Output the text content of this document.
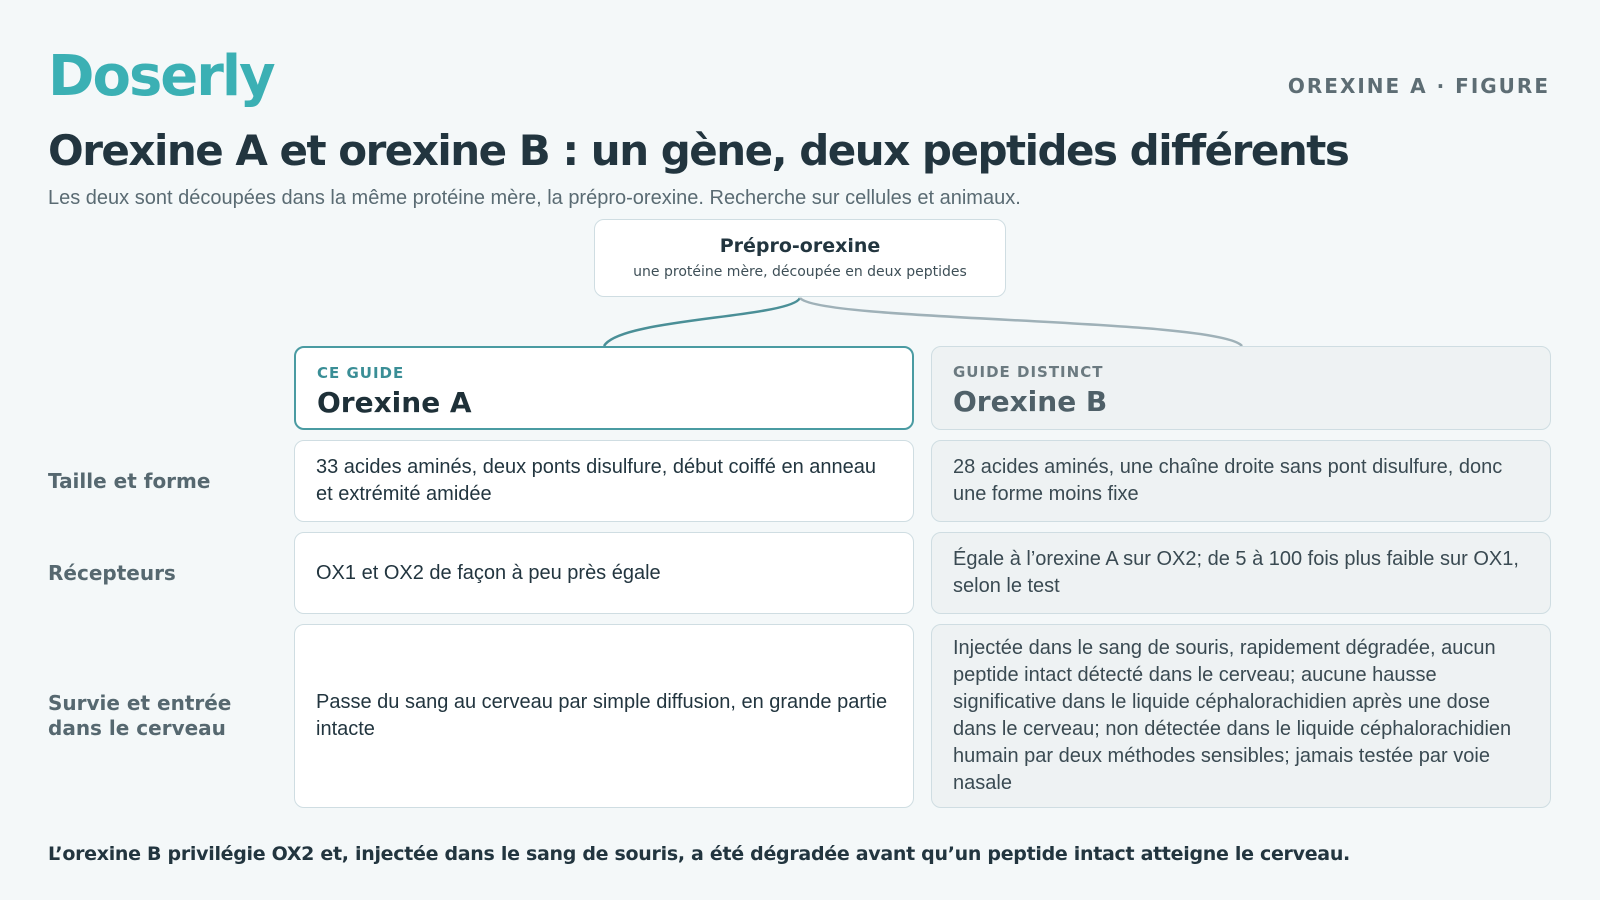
Doserly	OREXINE A · FIGURE
Orexine A et orexine B : un gène, deux peptides différents

Les deux sont découpées dans la même protéine mère, la prépro-orexine. Recherche sur cellules et animaux.

Prépro-orexine
une protéine mère, découpée en deux peptides
CE GUIDE
Orexine A
GUIDE DISTINCT
Orexine B
Taille et forme
33 acides aminés, deux ponts disulfure, début coiffé en anneau et extrémité amidée
28 acides aminés, une chaîne droite sans pont disulfure, donc une forme moins fixe
Récepteurs	OX1 et OX2 de façon à peu près égale
Égale à l’orexine A sur OX2; de 5 à 100 fois plus faible sur OX1, selon le test
Survie et entrée dans le cerveau
Passe du sang au cerveau par simple diffusion, en grande partie intacte
Injectée dans le sang de souris, rapidement dégradée, aucun peptide intact détecté dans le cerveau; aucune hausse significative dans le liquide céphalorachidien après une dose dans le cerveau; non détectée dans le liquide céphalorachidien humain par deux méthodes sensibles; jamais testée par voie nasale

L’orexine B privilégie OX2 et, injectée dans le sang de souris, a été dégradée avant qu’un peptide intact atteigne le cerveau.
